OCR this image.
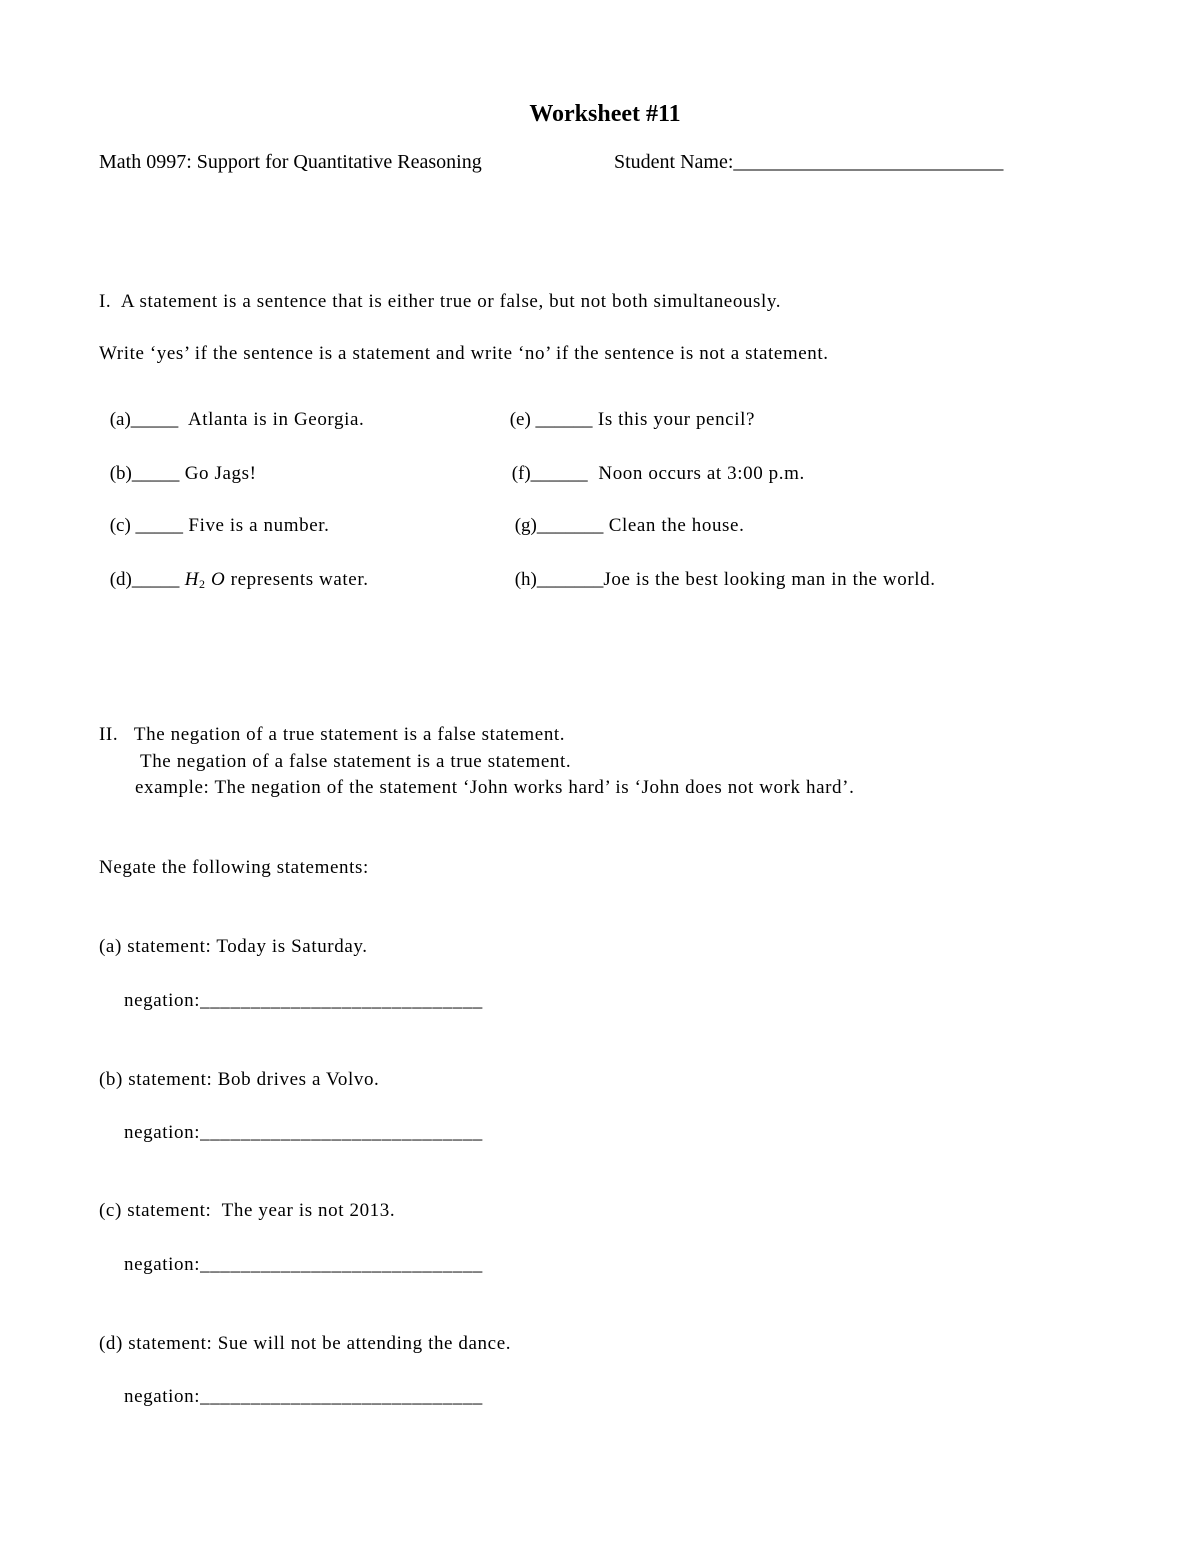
Worksheet #11
Math 0997: Support for Quantitative Reasoning	Student Name:___________________________
I.  A statement is a sentence that is either true or false, but not both simultaneously.
Write ‘yes’ if the sentence is a statement and write ‘no’ if the sentence is not a statement.

(a)_____  Atlanta is in Georgia.

(b)_____ Go Jags!

(c) _____ Five is a number.

(d)_____ $H_2$ O represents water.

(e) ______ Is this your pencil?

(f)______  Noon occurs at 3:00 p.m.

(g)_______ Clean the house.

(h)_______Joe is the best looking man in the world.

II.   The negation of a true statement is a false statement.
The negation of a false statement is a true statement.
example: The negation of the statement ‘John works hard’ is ‘John does not work hard’.
Negate the following statements:
(a) statement: Today is Saturday.
negation:____________________________
(b) statement: Bob drives a Volvo.
negation:____________________________
(c) statement:  The year is not 2013.
negation:____________________________
(d) statement: Sue will not be attending the dance.
negation:____________________________
